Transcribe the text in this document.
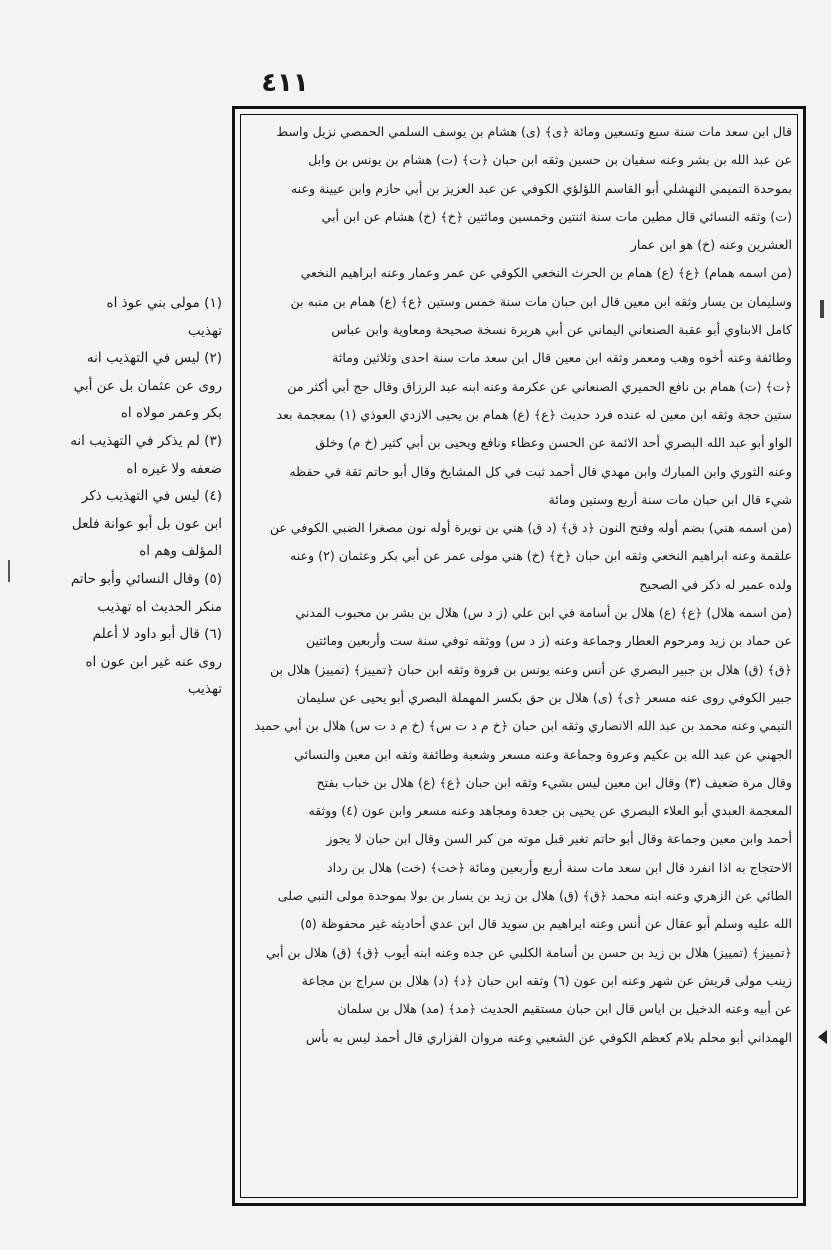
٤١١
قال ابن سعد مات سنة سبع وتسعين ومائة ﴿ى﴾ (ى) هشام بن يوسف السلمي الحمصي نزيل واسط
عن عبد الله بن بشر وعنه سفيان بن حسين وثقه ابن حبان ﴿ت﴾ (ت) هشام بن يونس بن وابل
بموحدة التميمي النهشلي أبو القاسم اللؤلؤي الكوفي عن عبد العزيز بن أبي حازم وابن عيينة وعنه
(ت) وثقه النسائي قال مطين مات سنة اثنتين وخمسين ومائتين ﴿خ﴾ (خ) هشام عن ابن أبي
العشرين وعنه (خ) هو ابن عمار
(من اسمه همام) ﴿ع﴾ (ع) همام بن الحرث النخعي الكوفي عن عمر وعمار وعنه ابراهيم النخعي
وسليمان بن يسار وثقه ابن معين قال ابن حبان مات سنة خمس وستين ﴿ع﴾ (ع) همام بن منبه بن
كامل الابناوي أبو عقبة الصنعاني اليماني عن أبي هريرة نسخة صحيحة ومعاوية وابن عباس
وطائفة وعنه أخوه وهب ومعمر وثقه ابن معين قال ابن سعد مات سنة احدى وثلاثين ومائة
﴿ت﴾ (ت) همام بن نافع الحميري الصنعاني عن عكرمة وعنه ابنه عبد الرزاق وقال حج أبي أكثر من
ستين حجة وثقه ابن معين له عنده فرد حديث ﴿ع﴾ (ع) همام بن يحيى الازدي العوذي (١) بمعجمة بعد
الواو أبو عبد الله البصري أحد الائمة عن الحسن وعطاء ونافع ويحيى بن أبي كثير (خ م) وخلق
وعنه الثوري وابن المبارك وابن مهدي قال أحمد ثبت في كل المشايخ وقال أبو حاتم ثقة في حفظه
شيء قال ابن حبان مات سنة أربع وستين ومائة
(من اسمه هني) بضم أوله وفتح النون ﴿د ق﴾ (د ق) هني بن نويرة أوله نون مصغرا الضبي الكوفي عن
علقمة وعنه ابراهيم النخعي وثقه ابن حبان ﴿خ﴾ (خ) هني مولى عمر عن أبي بكر وعثمان (٢) وعنه
ولده عمير له ذكر في الصحيح
(من اسمه هلال) ﴿ع﴾ (ع) هلال بن أسامة في ابن علي (ز د س) هلال بن بشر بن محبوب المدني
عن حماد بن زيد ومرحوم العطار وجماعة وعنه (ز د س) ووثقه توفي سنة ست وأربعين ومائتين
﴿ق﴾ (ق) هلال بن جبير البصري عن أنس وعنه يونس بن فروة وثقه ابن حبان ﴿تمييز﴾ (تمييز) هلال بن
جبير الكوفي روى عنه مسعر ﴿ى﴾ (ى) هلال بن حق بكسر المهملة البصري أبو يحيى عن سليمان
التيمي وعنه محمد بن عبد الله الانصاري وثقه ابن حبان ﴿خ م د ت س﴾ (خ م د ت س) هلال بن أبي حميد
الجهني عن عبد الله بن عكيم وعروة وجماعة وعنه مسعر وشعبة وطائفة وثقه ابن معين والنسائي
وقال مرة ضعيف (٣) وقال ابن معين ليس بشيء وثقه ابن حبان ﴿ع﴾ (ع) هلال بن خباب بفتح
المعجمة العبدي أبو العلاء البصري عن يحيى بن جعدة ومجاهد وعنه مسعر وابن عون (٤) ووثقه
أحمد وابن معين وجماعة وقال أبو حاتم تغير قبل موته من كبر السن وقال ابن حبان لا يجوز
الاحتجاج به اذا انفرد قال ابن سعد مات سنة أربع وأربعين ومائة ﴿خت﴾ (خت) هلال بن رداد
الطائي عن الزهري وعنه ابنه محمد ﴿ق﴾ (ق) هلال بن زيد بن يسار بن بولا بموحدة مولى النبي صلى
الله عليه وسلم أبو عقال عن أنس وعنه ابراهيم بن سويد قال ابن عدي أحاديثه غير محفوظة (٥)
﴿تمييز﴾ (تمييز) هلال بن زيد بن حسن بن أسامة الكلبي عن جده وعنه ابنه أيوب ﴿ق﴾ (ق) هلال بن أبي
زينب مولى قريش عن شهر وعنه ابن عون (٦) وثقه ابن حبان ﴿د﴾ (د) هلال بن سراج بن مجاعة
عن أبيه وعنه الدخيل بن اياس قال ابن حبان مستقيم الحديث ﴿مد﴾ (مد) هلال بن سلمان
الهمداني أبو محلم بلام كعظم الكوفي عن الشعبي وعنه مروان الفزاري قال أحمد ليس به بأس
(١) مولى بني عوذ اه
تهذيب
(٢) ليس في التهذيب انه
روى عن عثمان بل عن أبي
بكر وعمر مولاه اه
(٣) لم يذكر في التهذيب انه
ضعفه ولا غيره اه
(٤) ليس في التهذيب ذكر
ابن عون بل أبو عوانة فلعل
المؤلف وهم اه
(٥) وقال النسائي وأبو حاتم
منكر الحديث اه تهذيب
(٦) قال أبو داود لا أعلم
روى عنه غير ابن عون اه
تهذيب
